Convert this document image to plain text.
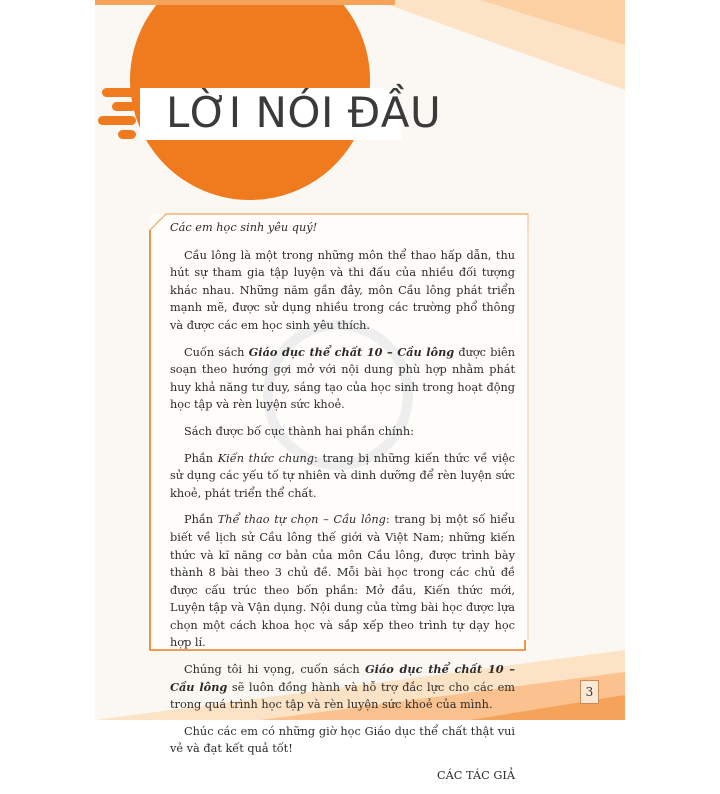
LỜI NÓI ĐẦU

Các em học sinh yêu quý!

Cầu lông là một trong những môn thể thao hấp dẫn, thu hút sự tham gia tập luyện và thi đấu của nhiều đối tượng khác nhau. Những năm gần đây, môn Cầu lông phát triển mạnh mẽ, được sử dụng nhiều trong các trường phổ thông và được các em học sinh yêu thích.

Cuốn sách Giáo dục thể chất 10 – Cầu lông được biên soạn theo hướng gợi mở với nội dung phù hợp nhằm phát huy khả năng tư duy, sáng tạo của học sinh trong hoạt động học tập và rèn luyện sức khoẻ.

Sách được bố cục thành hai phần chính:

Phần Kiến thức chung: trang bị những kiến thức về việc sử dụng các yếu tố tự nhiên và dinh dưỡng để rèn luyện sức khoẻ, phát triển thể chất.

Phần Thể thao tự chọn – Cầu lông: trang bị một số hiểu biết về lịch sử Cầu lông thế giới và Việt Nam; những kiến thức và kĩ năng cơ bản của môn Cầu lông, được trình bày thành 8 bài theo 3 chủ đề. Mỗi bài học trong các chủ đề được cấu trúc theo bốn phần: Mở đầu, Kiến thức mới, Luyện tập và Vận dụng. Nội dung của từng bài học được lựa chọn một cách khoa học và sắp xếp theo trình tự dạy học hợp lí.

Chúng tôi hi vọng, cuốn sách Giáo dục thể chất 10 – Cầu lông sẽ luôn đồng hành và hỗ trợ đắc lực cho các em trong quá trình học tập và rèn luyện sức khoẻ của mình.

Chúc các em có những giờ học Giáo dục thể chất thật vui vẻ và đạt kết quả tốt!

CÁC TÁC GIẢ

3
